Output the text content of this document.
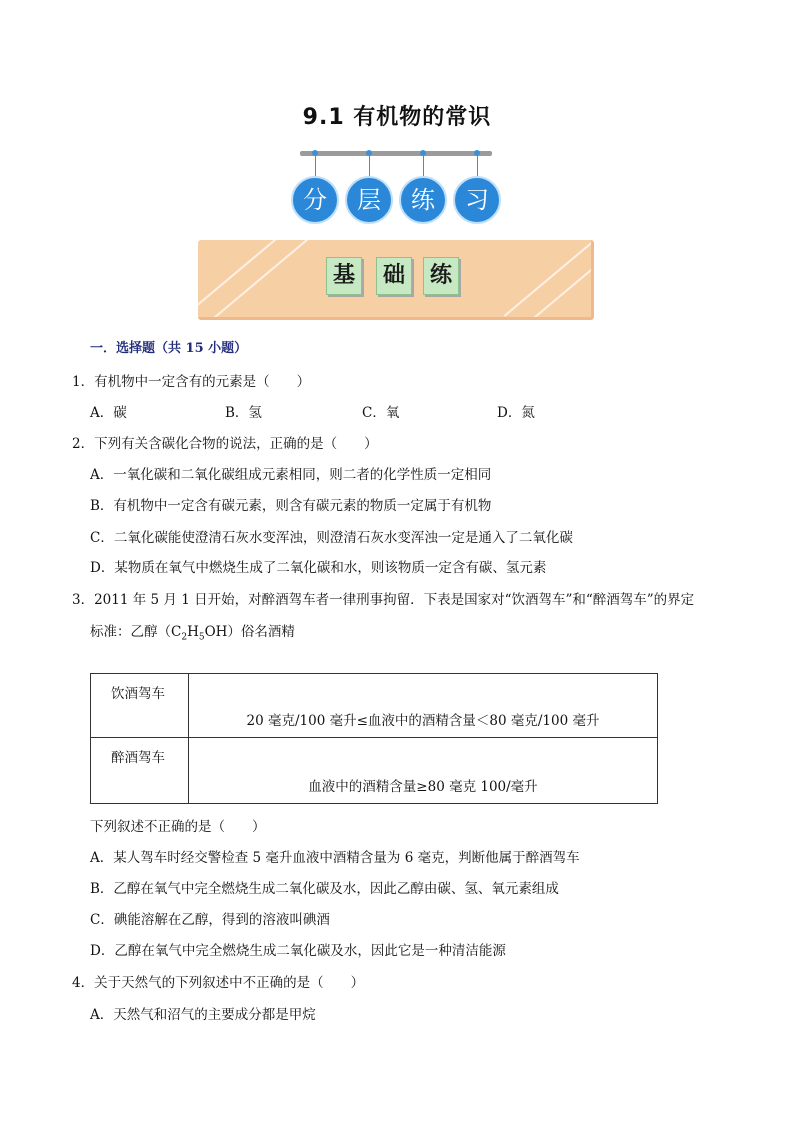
9.1 有机物的常识
分	层	练	习
基	础	练
一．选择题（共 15 小题）
1．有机物中一定含有的元素是（　　）
A．碳	B．氢	C．氧	D．氮
2．下列有关含碳化合物的说法，正确的是（　　）
A．一氧化碳和二氧化碳组成元素相同，则二者的化学性质一定相同
B．有机物中一定含有碳元素，则含有碳元素的物质一定属于有机物
C．二氧化碳能使澄清石灰水变浑浊，则澄清石灰水变浑浊一定是通入了二氧化碳
D．某物质在氧气中燃烧生成了二氧化碳和水，则该物质一定含有碳、氢元素
3．2011 年 5 月 1 日开始，对醉酒驾车者一律刑事拘留．下表是国家对“饮酒驾车”和“醉酒驾车”的界定
标准：乙醇$(C_2H_5OH)$俗名酒精
饮酒驾车	20 毫克/100 毫升≤血液中的酒精含量＜80 毫克/100 毫升
醉酒驾车	血液中的酒精含量≥80 毫克 100/毫升
下列叙述不正确的是（　　）
A．某人驾车时经交警检查 5 毫升血液中酒精含量为 6 毫克，判断他属于醉酒驾车
B．乙醇在氧气中完全燃烧生成二氧化碳及水，因此乙醇由碳、氢、氧元素组成
C．碘能溶解在乙醇，得到的溶液叫碘酒
D．乙醇在氧气中完全燃烧生成二氧化碳及水，因此它是一种清洁能源
4．关于天然气的下列叙述中不正确的是（　　）
A．天然气和沼气的主要成分都是甲烷
